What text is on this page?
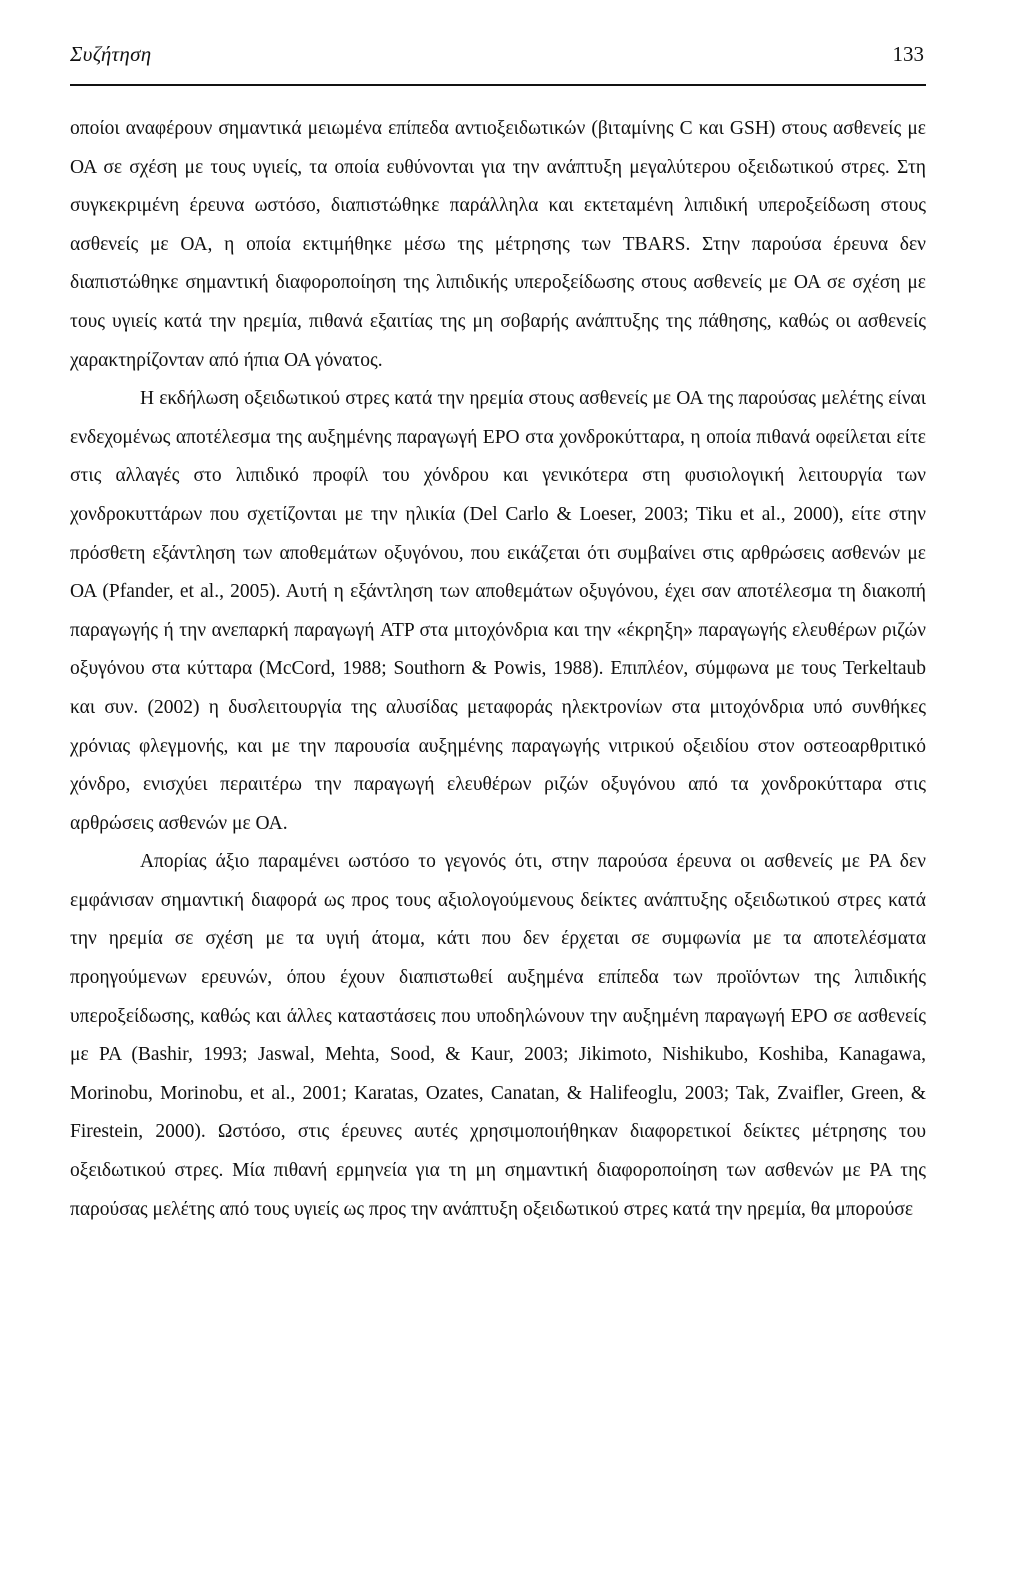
Συζήτηση	133

οποίοι αναφέρουν σημαντικά μειωμένα επίπεδα αντιοξειδωτικών (βιταμίνης C και GSH) στους ασθενείς με ΟΑ σε σχέση με τους υγιείς, τα οποία ευθύνονται για την ανάπτυξη μεγαλύτερου οξειδωτικού στρες. Στη συγκεκριμένη έρευνα ωστόσο, διαπιστώθηκε παράλληλα και εκτεταμένη λιπιδική υπεροξείδωση στους ασθενείς με ΟΑ, η οποία εκτιμήθηκε μέσω της μέτρησης των TBARS. Στην παρούσα έρευνα δεν διαπιστώθηκε σημαντική διαφοροποίηση της λιπιδικής υπεροξείδωσης στους ασθενείς με ΟΑ σε σχέση με τους υγιείς κατά την ηρεμία, πιθανά εξαιτίας της μη σοβαρής ανάπτυξης της πάθησης, καθώς οι ασθενείς χαρακτηρίζονταν από ήπια ΟΑ γόνατος.

Η εκδήλωση οξειδωτικού στρες κατά την ηρεμία στους ασθενείς με ΟΑ της παρούσας μελέτης είναι ενδεχομένως αποτέλεσμα της αυξημένης παραγωγή ΕΡΟ στα χονδροκύτταρα, η οποία πιθανά οφείλεται είτε στις αλλαγές στο λιπιδικό προφίλ του χόνδρου και γενικότερα στη φυσιολογική λειτουργία των χονδροκυττάρων που σχετίζονται με την ηλικία (Del Carlo & Loeser, 2003; Tiku et al., 2000), είτε στην πρόσθετη εξάντληση των αποθεμάτων οξυγόνου, που εικάζεται ότι συμβαίνει στις αρθρώσεις ασθενών με ΟΑ (Pfander, et al., 2005). Αυτή η εξάντληση των αποθεμάτων οξυγόνου, έχει σαν αποτέλεσμα τη διακοπή παραγωγής ή την ανεπαρκή παραγωγή ATP στα μιτοχόνδρια και την «έκρηξη» παραγωγής ελευθέρων ριζών οξυγόνου στα κύτταρα (McCord, 1988; Southorn & Powis, 1988). Επιπλέον, σύμφωνα με τους Terkeltaub και συν. (2002) η δυσλειτουργία της αλυσίδας μεταφοράς ηλεκτρονίων στα μιτοχόνδρια υπό συνθήκες χρόνιας φλεγμονής, και με την παρουσία αυξημένης παραγωγής νιτρικού οξειδίου στον οστεοαρθριτικό χόνδρο, ενισχύει περαιτέρω την παραγωγή ελευθέρων ριζών οξυγόνου από τα χονδροκύτταρα στις αρθρώσεις ασθενών με ΟΑ.

Απορίας άξιο παραμένει ωστόσο το γεγονός ότι, στην παρούσα έρευνα οι ασθενείς με ΡΑ δεν εμφάνισαν σημαντική διαφορά ως προς τους αξιολογούμενους δείκτες ανάπτυξης οξειδωτικού στρες κατά την ηρεμία σε σχέση με τα υγιή άτομα, κάτι που δεν έρχεται σε συμφωνία με τα αποτελέσματα προηγούμενων ερευνών, όπου έχουν διαπιστωθεί αυξημένα επίπεδα των προϊόντων της λιπιδικής υπεροξείδωσης, καθώς και άλλες καταστάσεις που υποδηλώνουν την αυξημένη παραγωγή ΕΡΟ σε ασθενείς με ΡΑ (Bashir, 1993; Jaswal, Mehta, Sood, & Kaur, 2003; Jikimoto, Nishikubo, Koshiba, Kanagawa, Morinobu, Morinobu, et al., 2001; Karatas, Ozates, Canatan, & Halifeoglu, 2003; Tak, Zvaifler, Green, & Firestein, 2000). Ωστόσο, στις έρευνες αυτές χρησιμοποιήθηκαν διαφορετικοί δείκτες μέτρησης του οξειδωτικού στρες. Μία πιθανή ερμηνεία για τη μη σημαντική διαφοροποίηση των ασθενών με ΡΑ της παρούσας μελέτης από τους υγιείς ως προς την ανάπτυξη οξειδωτικού στρες κατά την ηρεμία, θα μπορούσε
